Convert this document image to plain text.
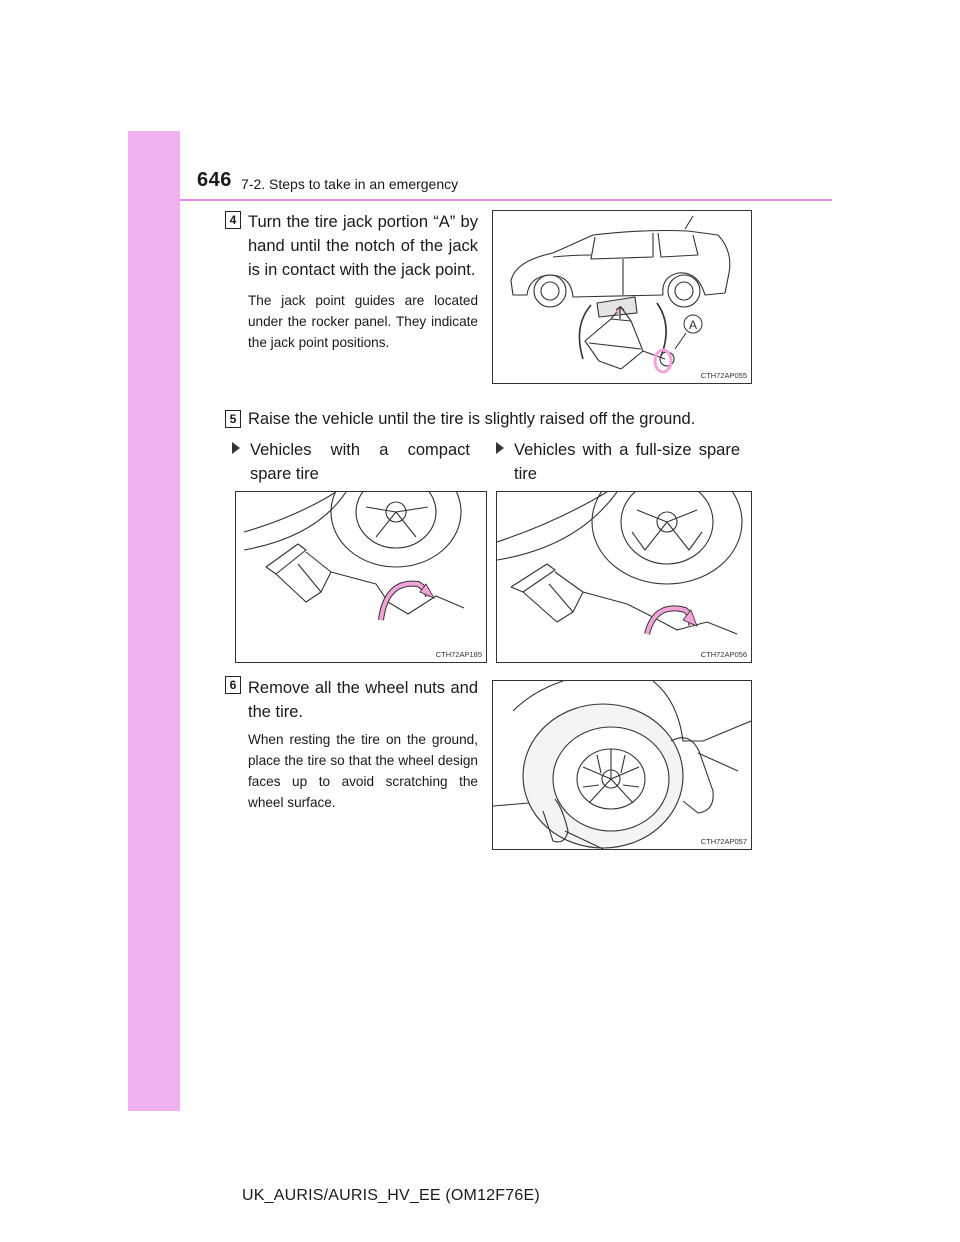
646 7-2. Steps to take in an emergency
4 Turn the tire jack portion “A” by hand until the notch of the jack is in contact with the jack point.
The jack point guides are located under the rocker panel. They indicate the jack point positions.
A
CTH72AP055
5 Raise the vehicle until the tire is slightly raised off the ground.
Vehicles with a compact spare tire
Vehicles with a full-size spare tire
CTH72AP185	CTH72AP056
6 Remove all the wheel nuts and the tire.
When resting the tire on the ground, place the tire so that the wheel design faces up to avoid scratching the wheel surface.
CTH72AP057
UK_AURIS/AURIS_HV_EE (OM12F76E)
